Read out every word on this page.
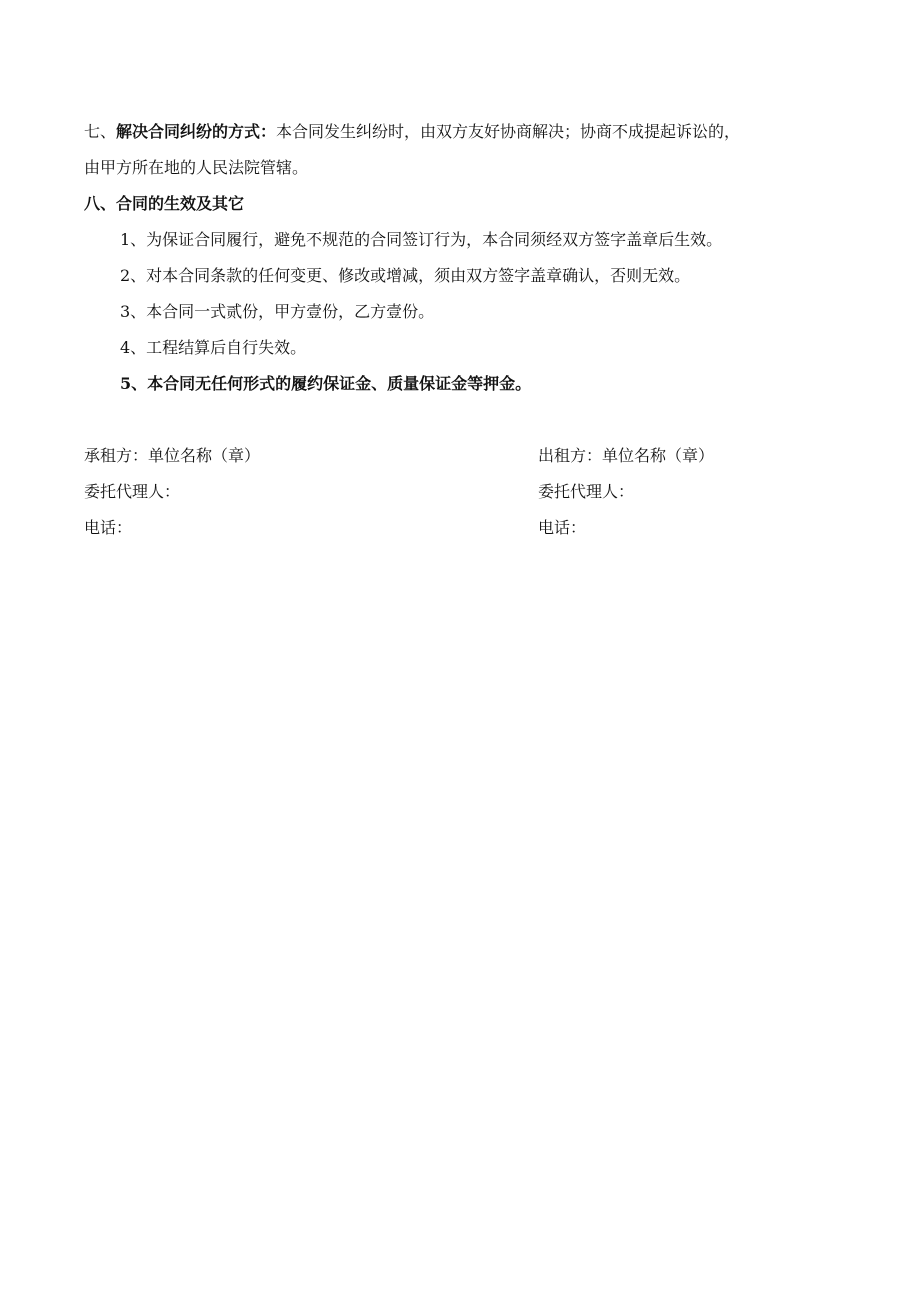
七、解决合同纠纷的方式：本合同发生纠纷时，由双方友好协商解决；协商不成提起诉讼的，

由甲方所在地的人民法院管辖。

八、合同的生效及其它

1、为保证合同履行，避免不规范的合同签订行为，本合同须经双方签字盖章后生效。

2、对本合同条款的任何变更、修改或增减，须由双方签字盖章确认，否则无效。

3、本合同一式贰份，甲方壹份，乙方壹份。

4、工程结算后自行失效。

5、本合同无任何形式的履约保证金、质量保证金等押金。

承租方：单位名称（章）	出租方：单位名称（章）
委托代理人：	委托代理人：
电话：	电话：
